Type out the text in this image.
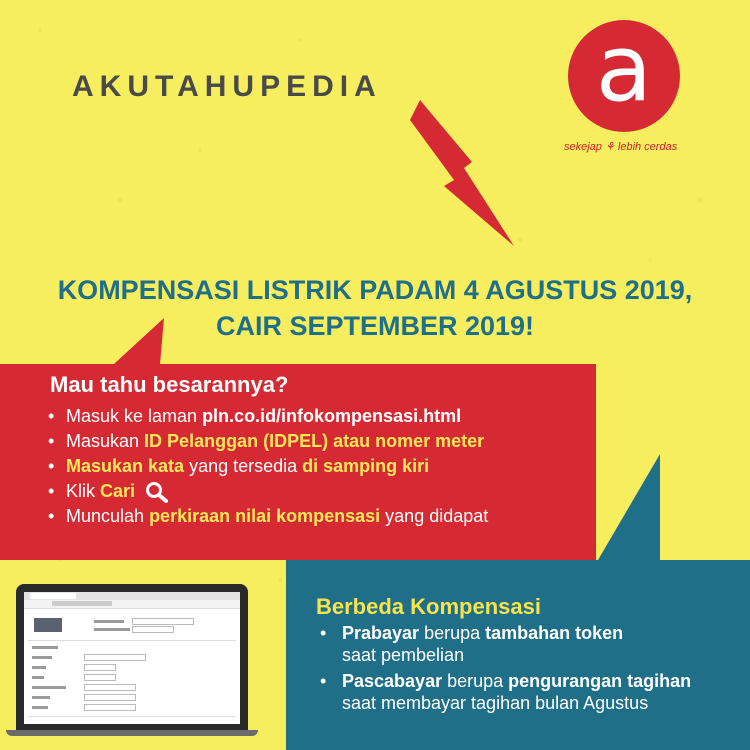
AKUTAHUPEDIA	a
sekejap ⚘ lebih cerdas
KOMPENSASI LISTRIK PADAM 4 AGUSTUS 2019,
CAIR SEPTEMBER 2019!
Mau tahu besarannya?
• Masuk ke laman pln.co.id/infokompensasi.html
• Masukan ID Pelanggan (IDPEL) atau nomer meter
• Masukan kata yang tersedia di samping kiri
• Klik Cari
• Munculah perkiraan nilai kompensasi yang didapat
Berbeda Kompensasi
• Prabayar berupa tambahan token
saat pembelian
• Pascabayar berupa pengurangan tagihan
saat membayar tagihan bulan Agustus
